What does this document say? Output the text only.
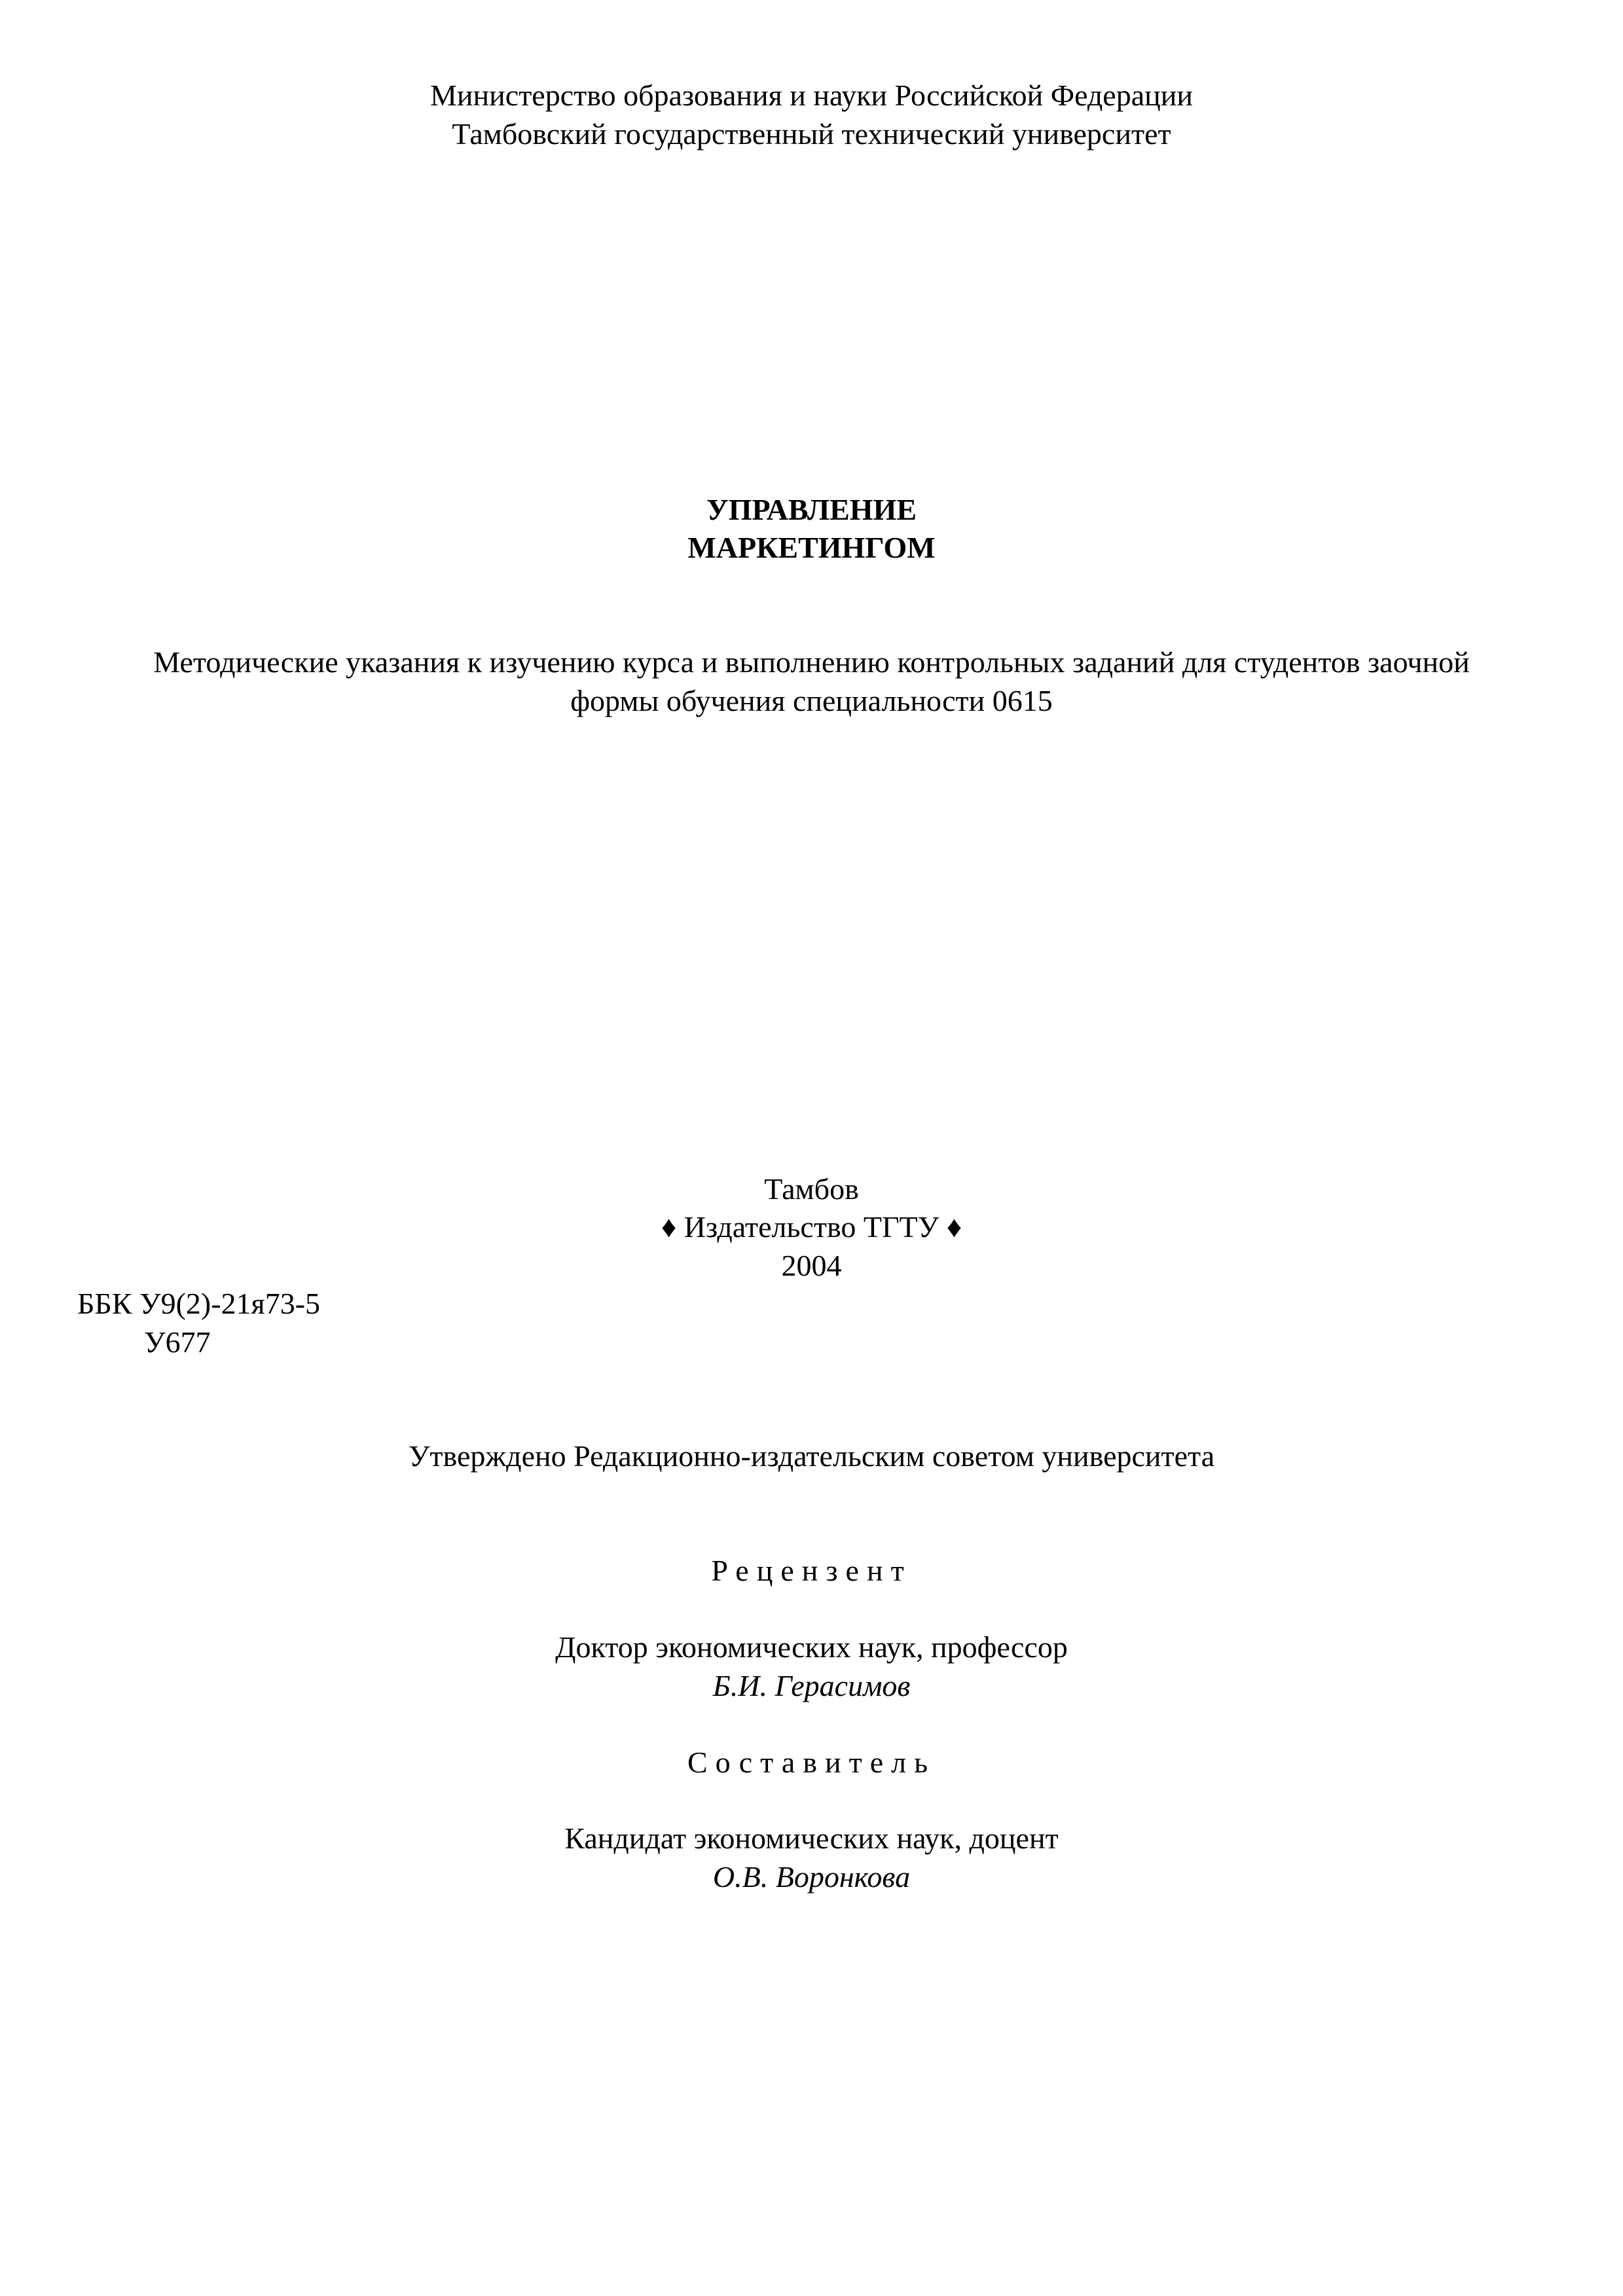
Министерство образования и науки Российской Федерации
Тамбовский государственный технический университет
УПРАВЛЕНИЕ
МАРКЕТИНГОМ
Методические указания к изучению курса и выполнению контрольных заданий для студентов заочной
формы обучения специальности 0615
Тамбов
♦ Издательство ТГТУ ♦
2004
ББК У9(2)-21я73-5
У677
Утверждено Редакционно-издательским советом университета
Рецензент
Доктор экономических наук, профессор
Б.И. Герасимов
Составитель
Кандидат экономических наук, доцент
О.В. Воронкова
